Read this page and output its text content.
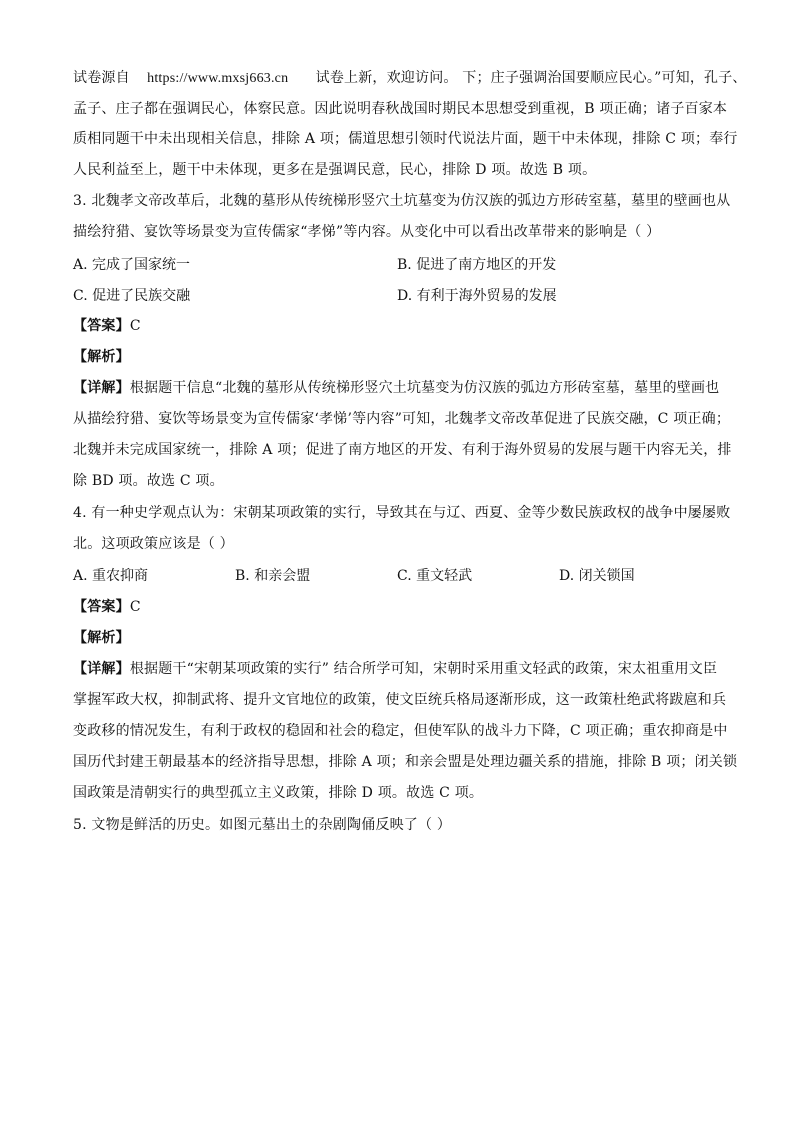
试卷源自 https://www.mxsj663.cn 试卷上新，欢迎访问。 下；庄子强调治国要顺应民心。”可知，孔子、
孟子、庄子都在强调民心，体察民意。因此说明春秋战国时期民本思想受到重视，B 项正确；诸子百家本
质相同题干中未出现相关信息，排除 A 项；儒道思想引领时代说法片面，题干中未体现，排除 C 项；奉行
人民利益至上，题干中未体现，更多在是强调民意，民心，排除 D 项。故选 B 项。
3. 北魏孝文帝改革后，北魏的墓形从传统梯形竖穴土坑墓变为仿汉族的弧边方形砖室墓，墓里的壁画也从
描绘狩猎、宴饮等场景变为宣传儒家“孝悌”等内容。从变化中可以看出改革带来的影响是（ ）
A. 完成了国家统一	B. 促进了南方地区的开发
C. 促进了民族交融	D. 有利于海外贸易的发展
【答案】C
【解析】
【详解】根据题干信息“北魏的墓形从传统梯形竖穴土坑墓变为仿汉族的弧边方形砖室墓，墓里的壁画也
从描绘狩猎、宴饮等场景变为宣传儒家‘孝悌’等内容”可知，北魏孝文帝改革促进了民族交融，C 项正确；
北魏并未完成国家统一，排除 A 项；促进了南方地区的开发、有利于海外贸易的发展与题干内容无关，排
除 BD 项。故选 C 项。
4. 有一种史学观点认为：宋朝某项政策的实行，导致其在与辽、西夏、金等少数民族政权的战争中屡屡败
北。这项政策应该是（ ）
A. 重农抑商	B. 和亲会盟	C. 重文轻武	D. 闭关锁国
【答案】C
【解析】
【详解】根据题干“宋朝某项政策的实行” 结合所学可知，宋朝时采用重文轻武的政策，宋太祖重用文臣
掌握军政大权，抑制武将、提升文官地位的政策，使文臣统兵格局逐渐形成，这一政策杜绝武将跋扈和兵
变政移的情况发生，有利于政权的稳固和社会的稳定，但使军队的战斗力下降，C 项正确；重农抑商是中
国历代封建王朝最基本的经济指导思想，排除 A 项；和亲会盟是处理边疆关系的措施，排除 B 项；闭关锁
国政策是清朝实行的典型孤立主义政策，排除 D 项。故选 C 项。
5. 文物是鲜活的历史。如图元墓出土的杂剧陶俑反映了（ ）
